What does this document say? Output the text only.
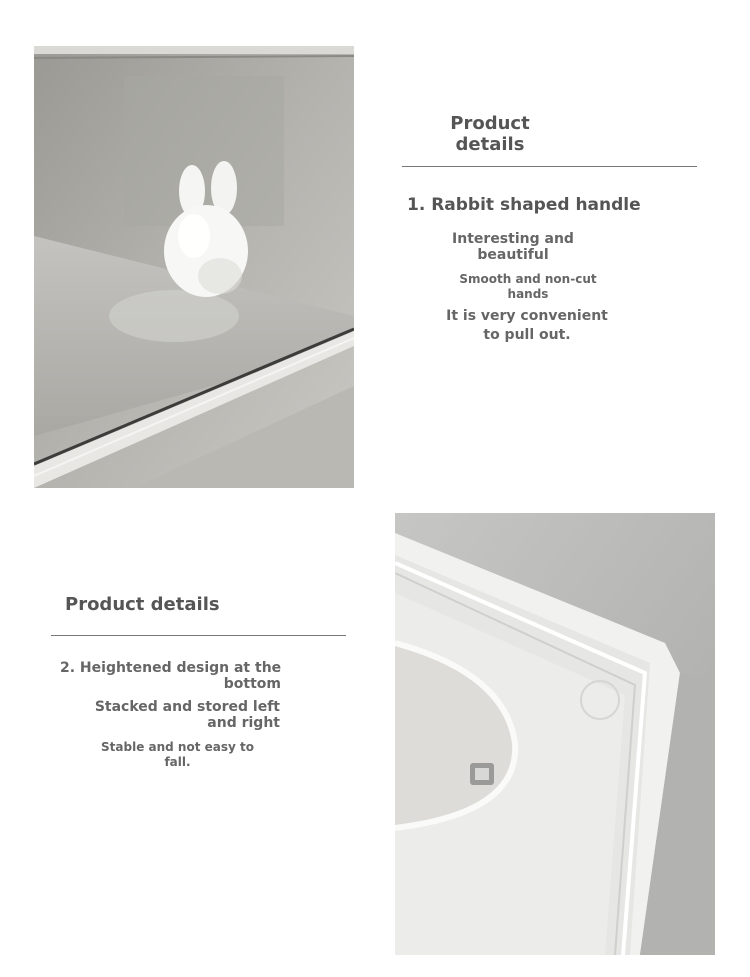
Product
details
1. Rabbit shaped handle
Interesting and
beautiful
Smooth and non-cut
hands
It is very convenient
to pull out.
Product details
2. Heightened design at the
bottom
Stacked and stored left
and right
Stable and not easy to
fall.
